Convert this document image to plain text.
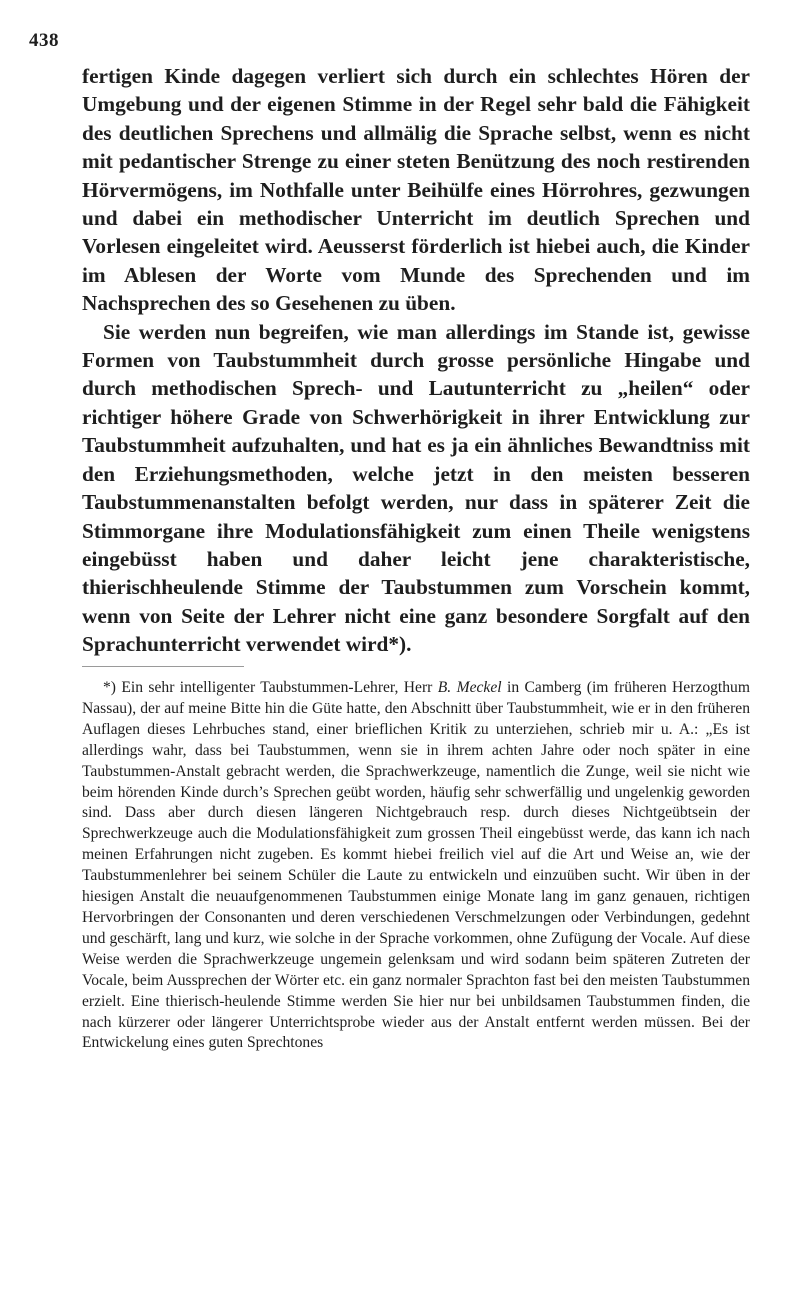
438

fertigen Kinde dagegen verliert sich durch ein schlechtes Hören der Umgebung und der eigenen Stimme in der Regel sehr bald die Fähigkeit des deutlichen Sprechens und allmälig die Sprache selbst, wenn es nicht mit pedantischer Strenge zu einer steten Benützung des noch restirenden Hörvermögens, im Nothfalle unter Beihülfe eines Hörrohres, gezwungen und dabei ein methodischer Unterricht im deutlich Sprechen und Vorlesen eingeleitet wird. Aeusserst förderlich ist hiebei auch, die Kinder im Ablesen der Worte vom Munde des Sprechenden und im Nachsprechen des so Gesehenen zu üben.

Sie werden nun begreifen, wie man allerdings im Stande ist, gewisse Formen von Taubstummheit durch grosse persönliche Hingabe und durch methodischen Sprech- und Lautunterricht zu „heilen“ oder richtiger höhere Grade von Schwerhörigkeit in ihrer Entwicklung zur Taubstummheit aufzuhalten, und hat es ja ein ähnliches Bewandtniss mit den Erziehungsmethoden, welche jetzt in den meisten besseren Taubstummenanstalten befolgt werden, nur dass in späterer Zeit die Stimmorgane ihre Modulationsfähigkeit zum einen Theile wenigstens eingebüsst haben und daher leicht jene charakteristische, thierischheulende Stimme der Taubstummen zum Vorschein kommt, wenn von Seite der Lehrer nicht eine ganz besondere Sorgfalt auf den Sprachunterricht verwendet wird*).

*) Ein sehr intelligenter Taubstummen-Lehrer, Herr B. Meckel in Camberg (im früheren Herzogthum Nassau), der auf meine Bitte hin die Güte hatte, den Abschnitt über Taubstummheit, wie er in den früheren Auflagen dieses Lehrbuches stand, einer brieflichen Kritik zu unterziehen, schrieb mir u. A.: „Es ist allerdings wahr, dass bei Taubstummen, wenn sie in ihrem achten Jahre oder noch später in eine Taubstummen-Anstalt gebracht werden, die Sprachwerkzeuge, namentlich die Zunge, weil sie nicht wie beim hörenden Kinde durch’s Sprechen geübt worden, häufig sehr schwerfällig und ungelenkig geworden sind. Dass aber durch diesen längeren Nichtgebrauch resp. durch dieses Nichtgeübtsein der Sprechwerkzeuge auch die Modulationsfähigkeit zum grossen Theil eingebüsst werde, das kann ich nach meinen Erfahrungen nicht zugeben. Es kommt hiebei freilich viel auf die Art und Weise an, wie der Taubstummenlehrer bei seinem Schüler die Laute zu entwickeln und einzuüben sucht. Wir üben in der hiesigen Anstalt die neuaufgenommenen Taubstummen einige Monate lang im ganz genauen, richtigen Hervorbringen der Consonanten und deren verschiedenen Verschmelzungen oder Verbindungen, gedehnt und geschärft, lang und kurz, wie solche in der Sprache vorkommen, ohne Zufügung der Vocale. Auf diese Weise werden die Sprachwerkzeuge ungemein gelenksam und wird sodann beim späteren Zutreten der Vocale, beim Aussprechen der Wörter etc. ein ganz normaler Sprachton fast bei den meisten Taubstummen erzielt. Eine thierisch-heulende Stimme werden Sie hier nur bei unbildsamen Taubstummen finden, die nach kürzerer oder längerer Unterrichtsprobe wieder aus der Anstalt entfernt werden müssen. Bei der Entwickelung eines guten Sprechtones
